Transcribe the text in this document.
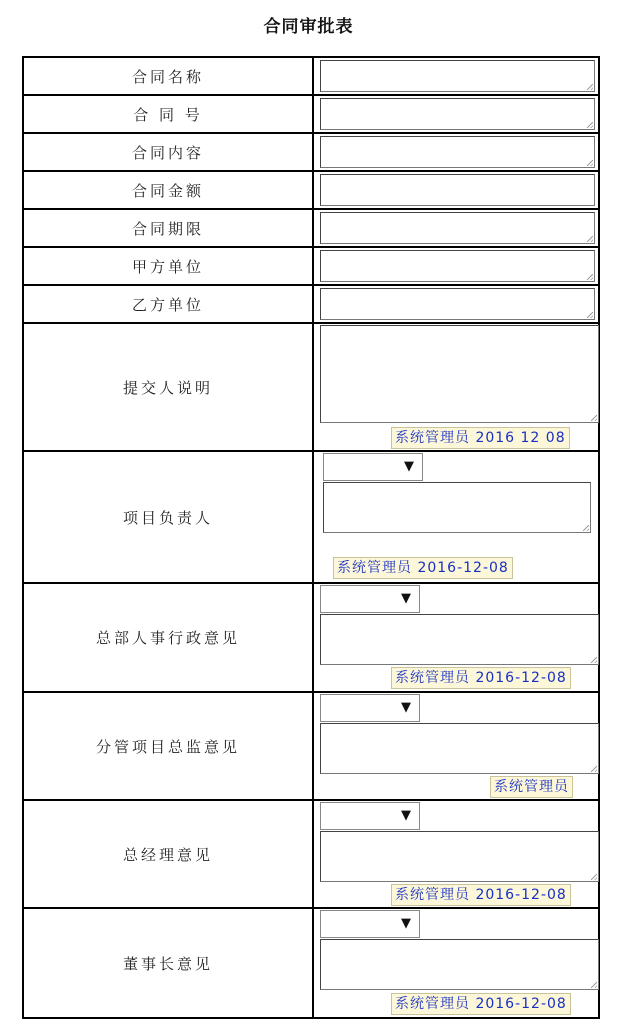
合同审批表
合同名称	

合 同 号	

合同内容	

合同金额	

合同期限	

甲方单位	

乙方单位	

提交人说明	系统管理员 2016 12 08

项目负责人	▼
系统管理员 2016-12-08

总部人事行政意见	▼
系统管理员 2016-12-08

分管项目总监意见	▼
系统管理员

总经理意见	▼
系统管理员 2016-12-08

董事长意见	▼
系统管理员 2016-12-08
